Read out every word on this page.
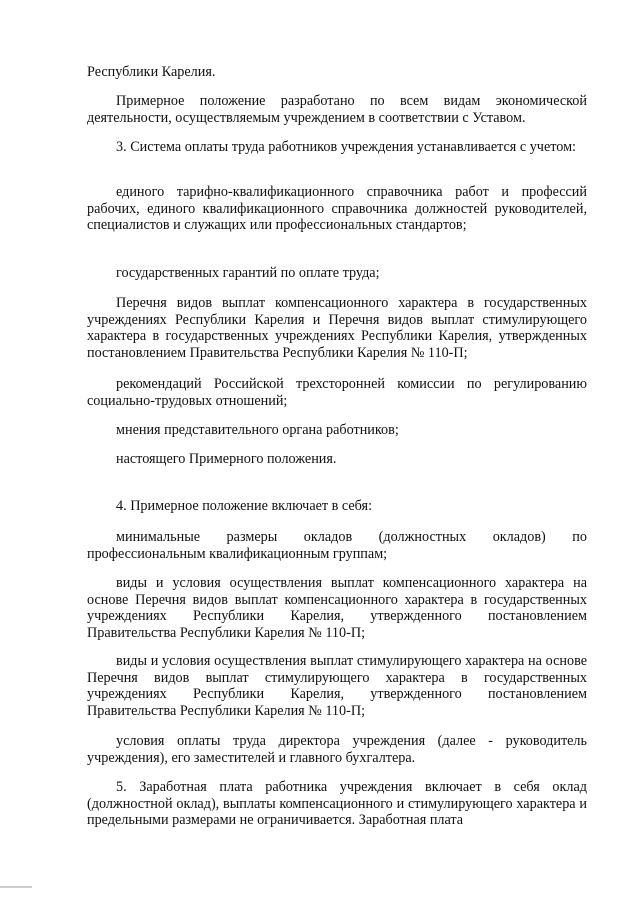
Республики Карелия.

Примерное положение разработано по всем видам экономической деятельности, осуществляемым учреждением в соответствии с Уставом.

3. Система оплаты труда работников учреждения устанавливается с учетом:

единого тарифно-квалификационного справочника работ и профессий рабочих, единого квалификационного справочника должностей руководителей, специалистов и служащих или профессиональных стандартов;

государственных гарантий по оплате труда;

Перечня видов выплат компенсационного характера в государственных учреждениях Республики Карелия и Перечня видов выплат стимулирующего характера в государственных учреждениях Республики Карелия, утвержденных постановлением Правительства Республики Карелия № 110-П;

рекомендаций Российской трехсторонней комиссии по регулированию социально-трудовых отношений;

мнения представительного органа работников;

настоящего Примерного положения.

4. Примерное положение включает в себя:

минимальные размеры окладов (должностных окладов) по профессиональным квалификационным группам;

виды и условия осуществления выплат компенсационного характера на основе Перечня видов выплат компенсационного характера в государственных учреждениях Республики Карелия, утвержденного постановлением Правительства Республики Карелия № 110-П;

виды и условия осуществления выплат стимулирующего характера на основе Перечня видов выплат стимулирующего характера в государственных учреждениях Республики Карелия, утвержденного постановлением Правительства Республики Карелия № 110-П;

условия оплаты труда директора учреждения (далее - руководитель учреждения), его заместителей и главного бухгалтера.

5. Заработная плата работника учреждения включает в себя оклад (должностной оклад), выплаты компенсационного и стимулирующего характера и предельными размерами не ограничивается. Заработная плата
